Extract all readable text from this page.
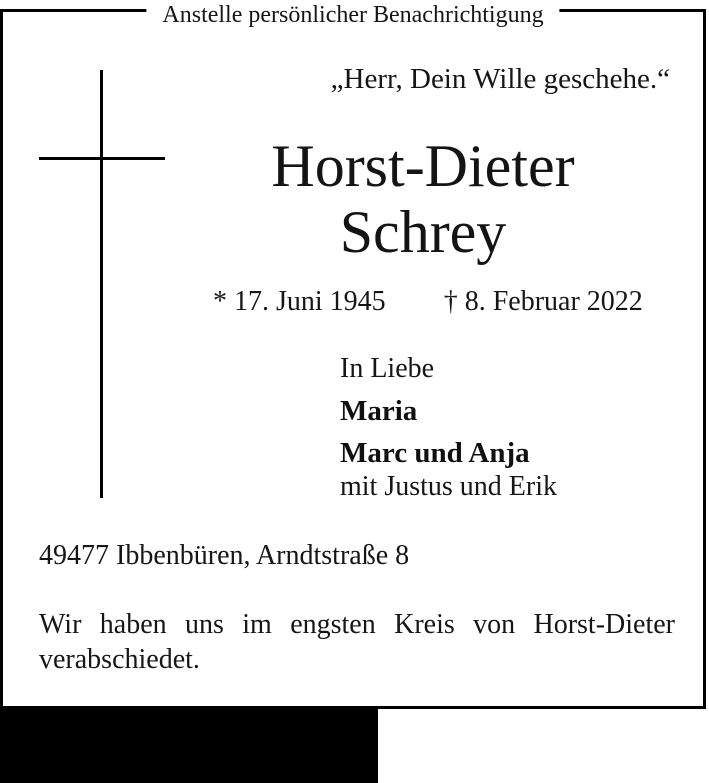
Anstelle persönlicher Benachrichtigung
„Herr, Dein Wille geschehe.“
Horst-Dieter
Schrey
* 17. Juni 1945 † 8. Februar 2022

In Liebe

Maria

Marc und Anja

mit Justus und Erik

49477 Ibbenbüren, Arndtstraße 8

Wir haben uns im engsten Kreis von Horst-Dieter verabschiedet.
